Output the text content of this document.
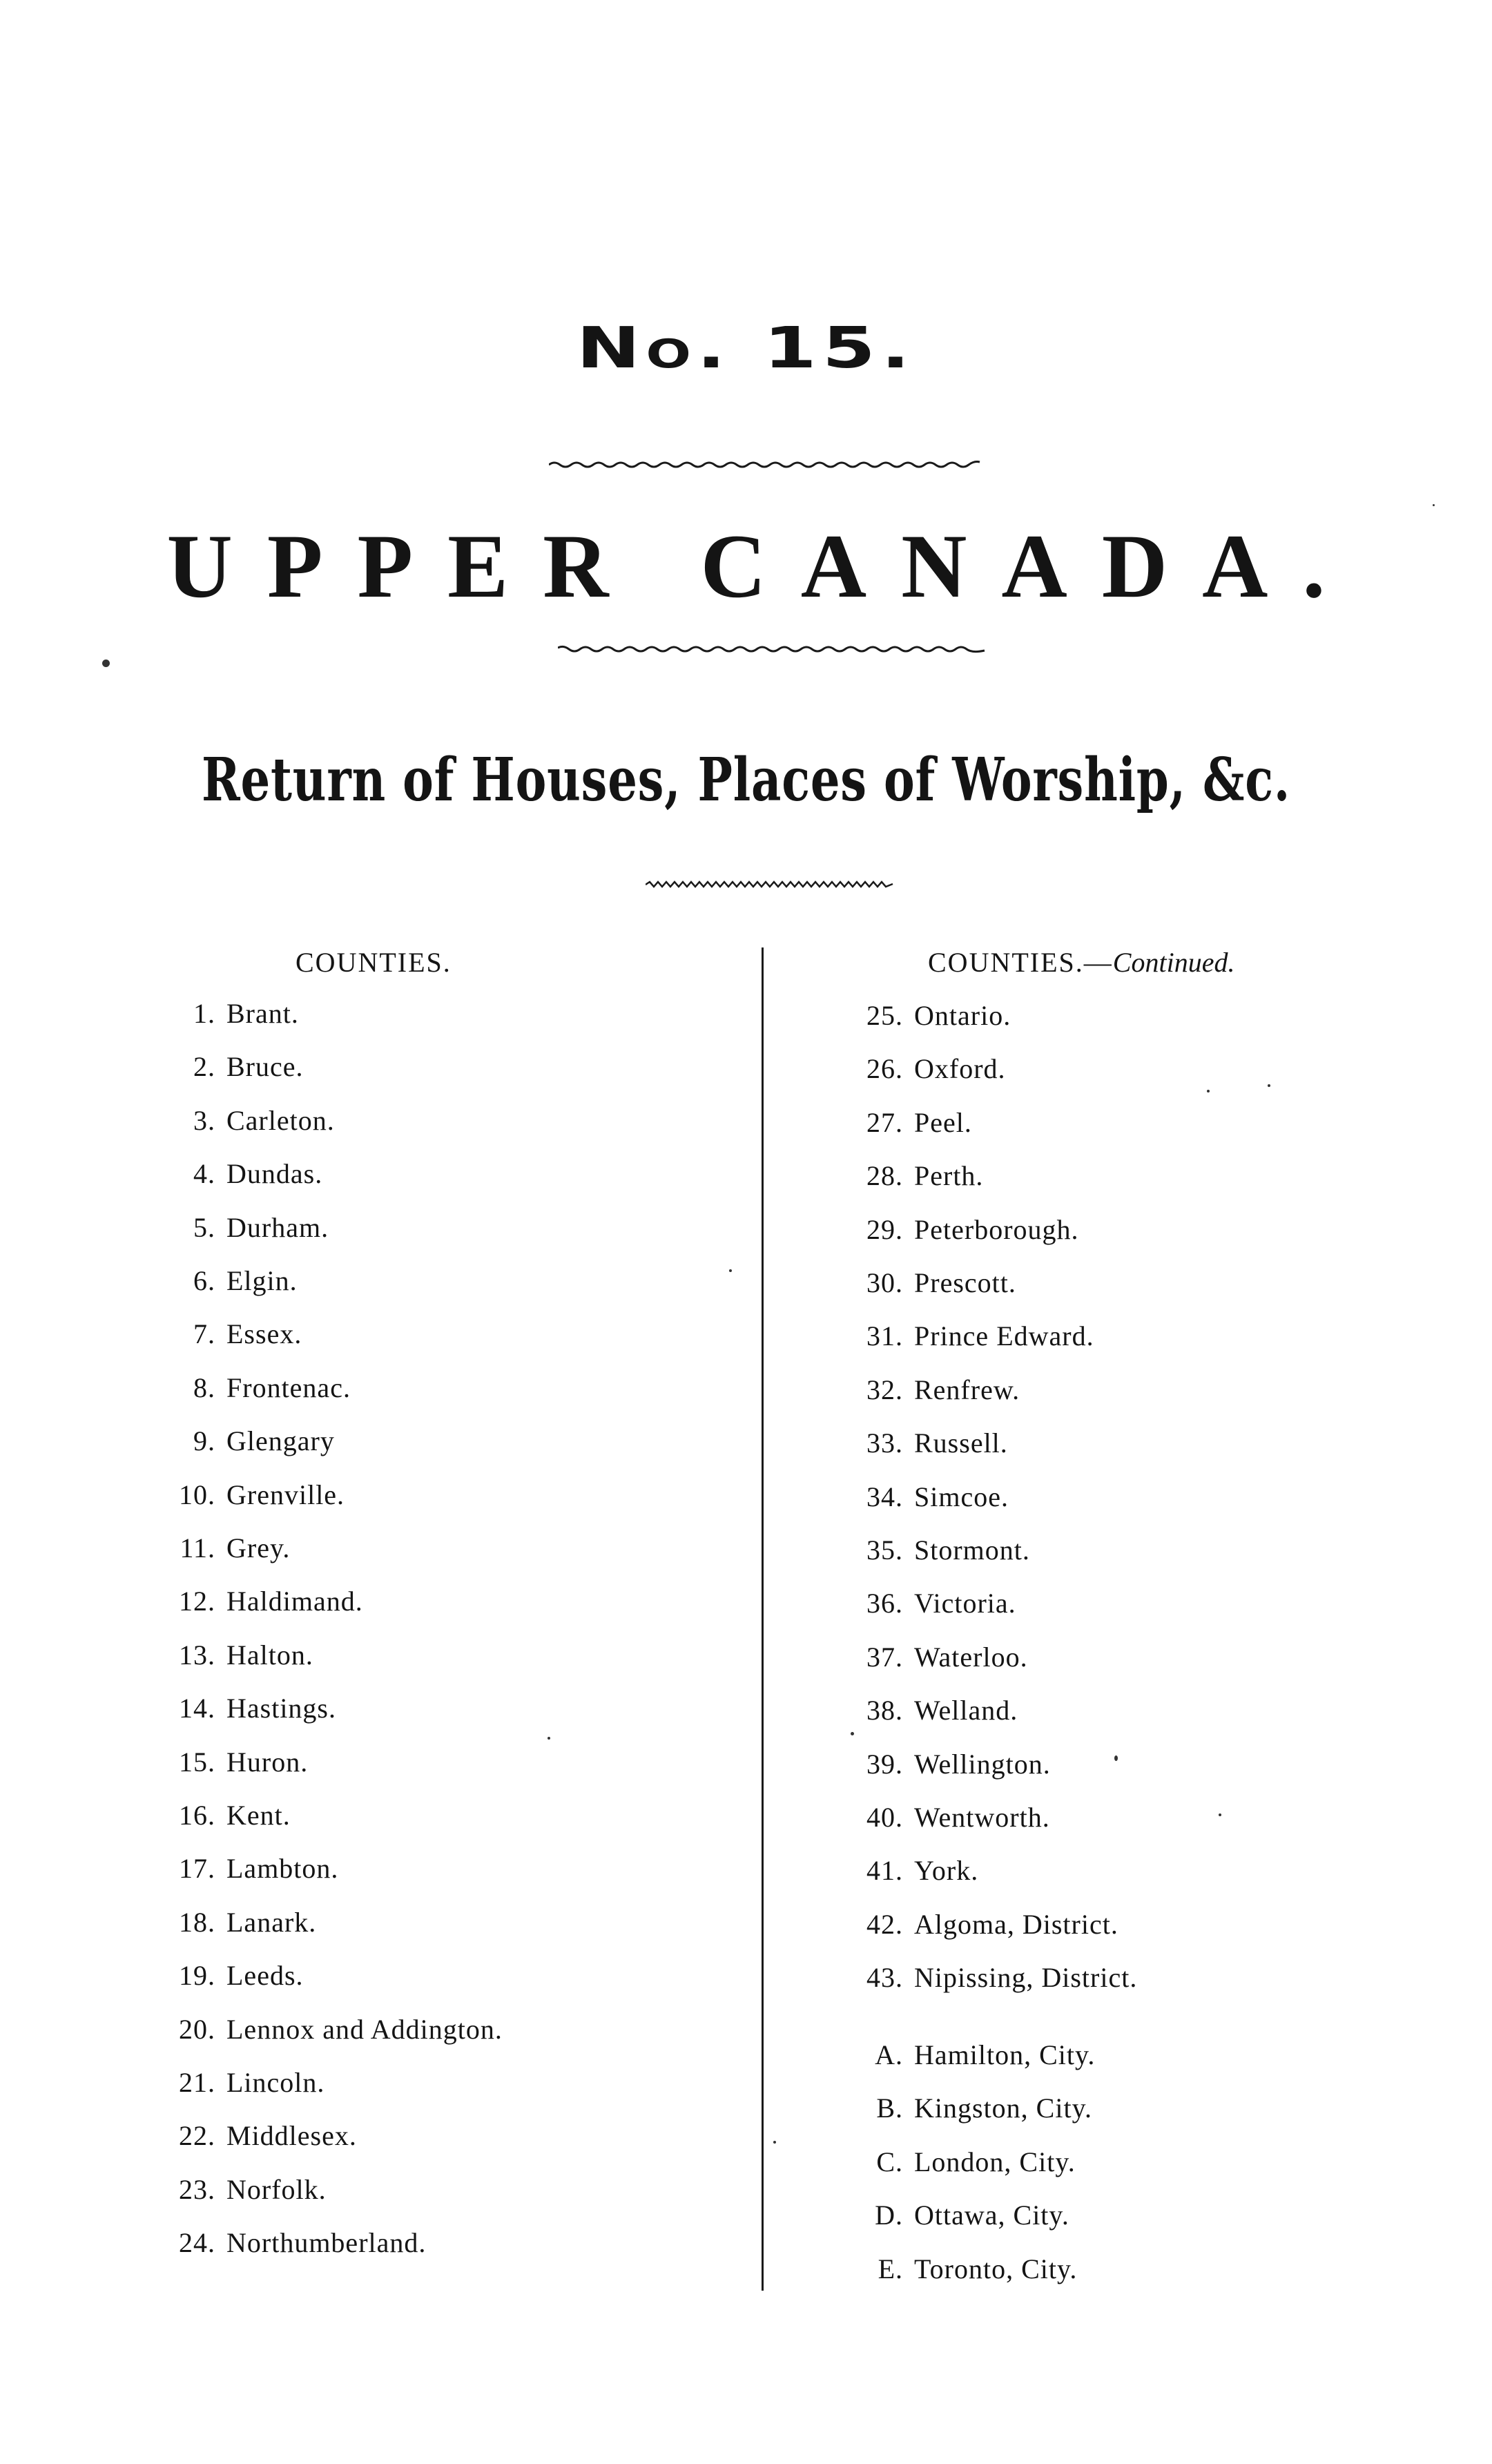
No. 15.
UPPER CANADA.
Return of Houses, Places of Worship, &c.
COUNTIES.
1. Brant.
2. Bruce.
3. Carleton.
4. Dundas.
5. Durham.
6. Elgin.
7. Essex.
8. Frontenac.
9. Glengary
10. Grenville.
11. Grey.
12. Haldimand.
13. Halton.
14. Hastings.
15. Huron.
16. Kent.
17. Lambton.
18. Lanark.
19. Leeds.
20. Lennox and Addington.
21. Lincoln.
22. Middlesex.
23. Norfolk.
24. Northumberland.
COUNTIES.—Continued.
25. Ontario.
26. Oxford.
27. Peel.
28. Perth.
29. Peterborough.
30. Prescott.
31. Prince Edward.
32. Renfrew.
33. Russell.
34. Simcoe.
35. Stormont.
36. Victoria.
37. Waterloo.
38. Welland.
39. Wellington.
40. Wentworth.
41. York.
42. Algoma, District.
43. Nipissing, District.
A. Hamilton, City.
B. Kingston, City.
C. London, City.
D. Ottawa, City.
E. Toronto, City.
